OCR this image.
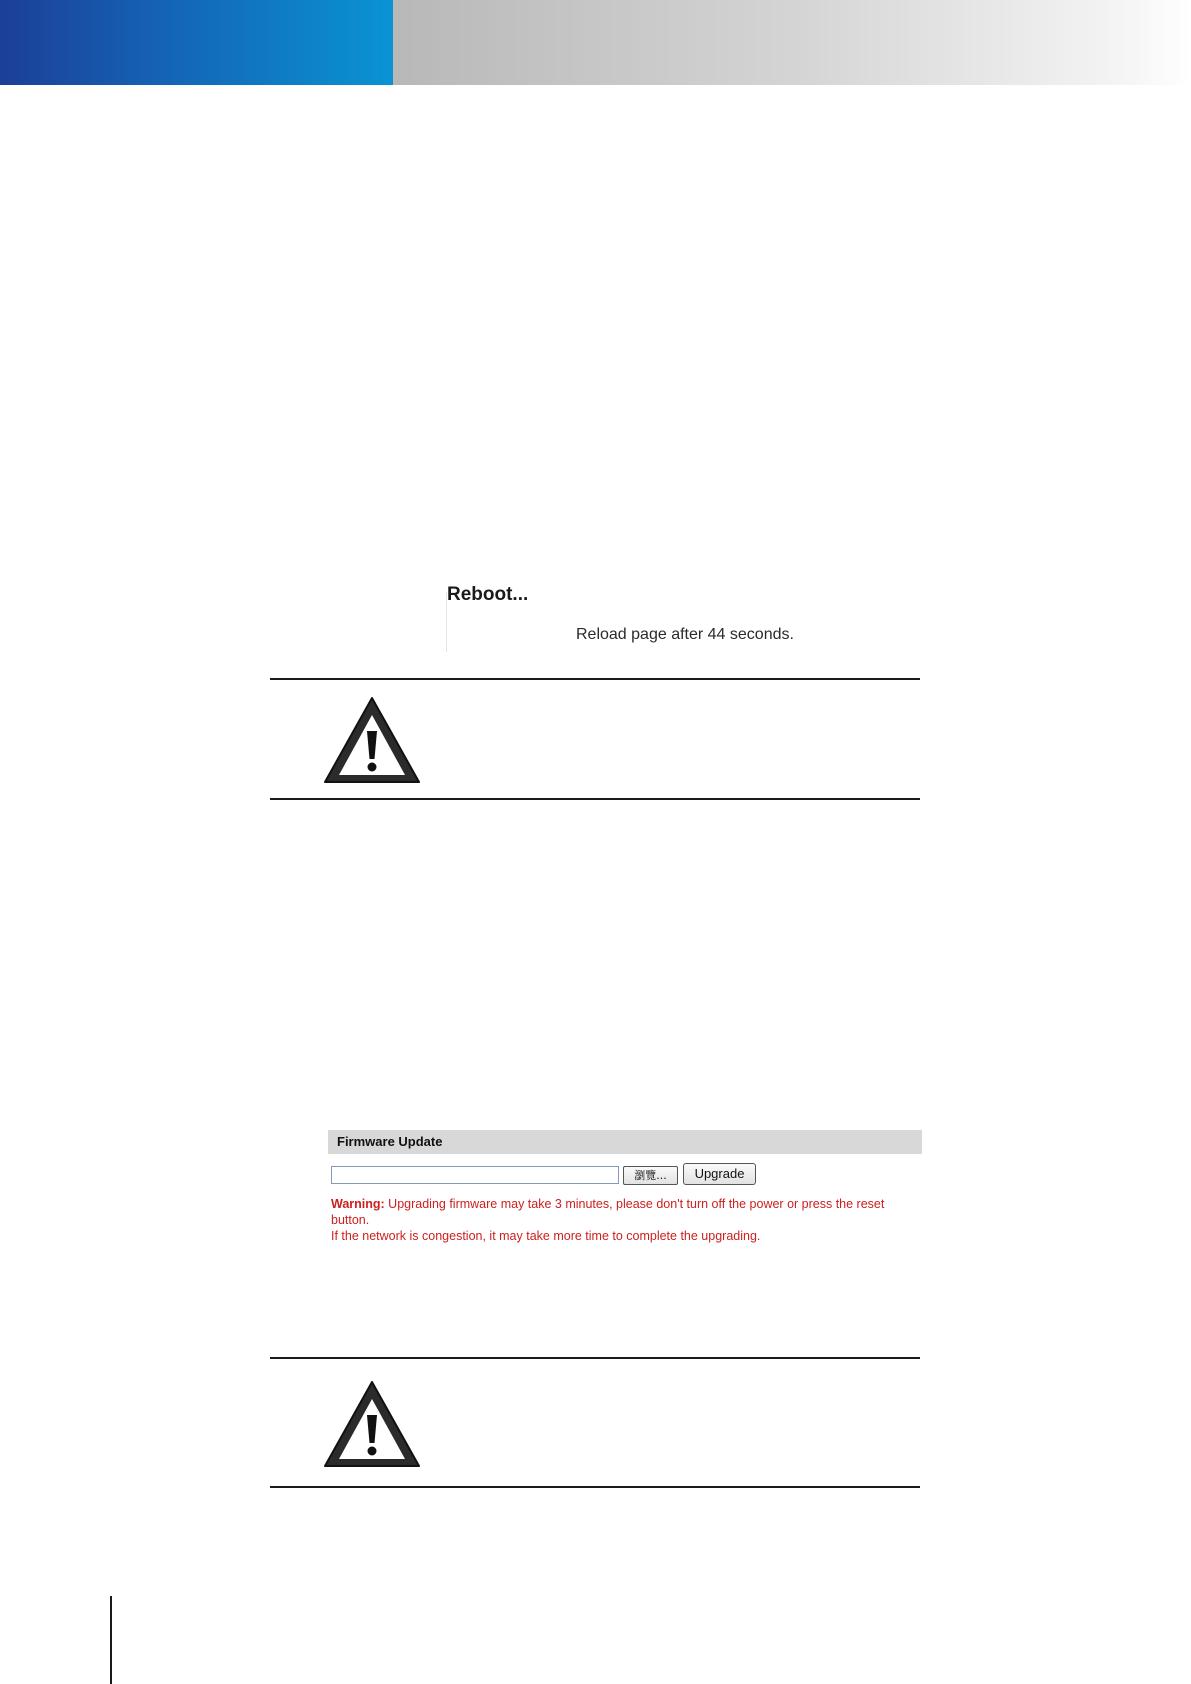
Reboot...
Reload page after 44 seconds.
Firmware Update
瀏覽...	Upgrade
Warning: Upgrading firmware may take 3 minutes, please don't turn off the power or press the reset button.
If the network is congestion, it may take more time to complete the upgrading.
